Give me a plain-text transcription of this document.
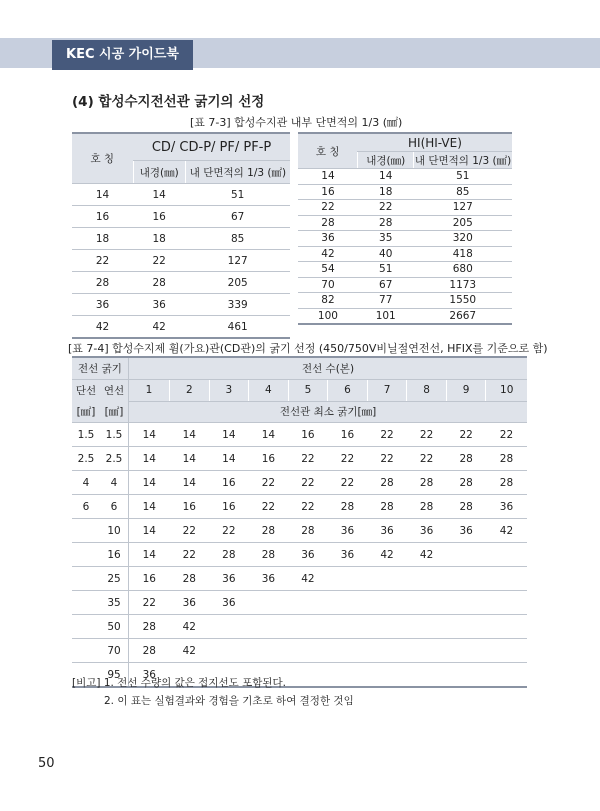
KEC 시공 가이드북
(4) 합성수지전선관 굵기의 선정
[표 7-3] 합성수지관 내부 단면적의 1/3 (㎟)
호 칭	CD/ CD-P/ PF/ PF-P	
	내경(㎜)	내 단면적의 1/3 (㎟)
14	14	51
16	16	67
18	18	85
22	22	127
28	28	205
36	36	339
42	42	461
호 칭	HI(HI-VE)	
	내경(㎜)	내 단면적의 1/3 (㎟)
14	14	51
16	18	85
22	22	127
28	28	205
36	35	320
42	40	418
54	51	680
70	67	1173
82	77	1550
100	101	2667
[표 7-4] 합성수지제 휨(가요)관(CD관)의 굵기 선정 (450/750V비닐절연전선, HFIX를 기준으로 함)
전선 굵기		전선 수(본)									
단선	연선	1	2	3	4	5	6	7	8	9	10
[㎟]	[㎟]	전선관 최소 굵기[㎜]									
1.5	1.5	14	14	14	14	16	16	22	22	22	22
2.5	2.5	14	14	14	16	22	22	22	22	28	28
4	4	14	14	16	22	22	22	28	28	28	28
6	6	14	16	16	22	22	28	28	28	28	36
	10	14	22	22	28	28	36	36	36	36	42
	16	14	22	28	28	36	36	42	42		
	25	16	28	36	36	42					
	35	22	36	36							
	50	28	42								
	70	28	42								
	95	36									
[비고] 1. 전선 수량의 값은 접지선도 포함된다.
2. 이 표는 실험결과와 경험을 기초로 하여 결정한 것임
50
